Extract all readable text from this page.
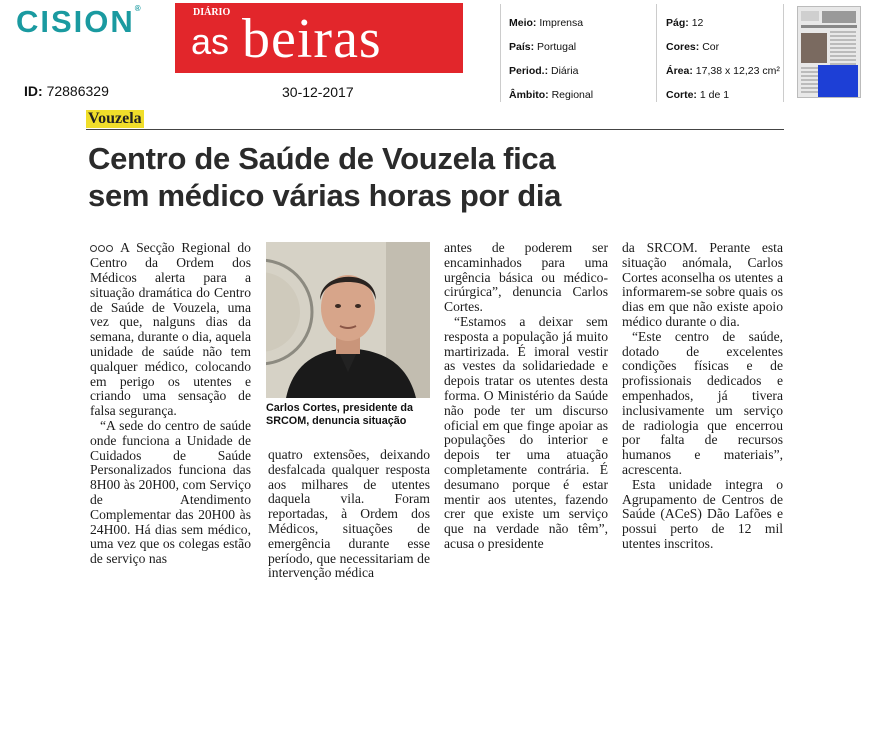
CISION®	DIÁRIO
as beiras
ID: 72886329	30-12-2017
Meio: Imprensa
País: Portugal
Period.: Diária
Âmbito: Regional
Pág: 12
Cores: Cor
Área: 17,38 x 12,23 cm²
Corte: 1 de 1
Vouzela
Centro de Saúde de Vouzela fica
sem médico várias horas por dia

A Secção Regional do Centro da Ordem dos Médicos alerta para a situação dramática do Centro de Saúde de Vouzela, uma vez que, nalguns dias da semana, durante o dia, aquela unidade de saúde não tem qualquer médico, colocando em perigo os utentes e criando uma sensação de falsa segurança.

“A sede do centro de saúde onde funciona a Unidade de Cuidados de Saúde Personalizados funciona das 8H00 às 20H00, com Serviço de Atendimento Complementar das 20H00 às 24H00. Há dias sem médico, uma vez que os colegas estão de serviço nas

Carlos Cortes, presidente da SRCOM, denuncia situação

quatro extensões, deixando desfalcada qualquer resposta aos milhares de utentes daquela vila. Foram reportadas, à Ordem dos Médicos, situações de emergência durante esse período, que necessitariam de intervenção médica

antes de poderem ser encaminhados para uma urgência básica ou médico-cirúrgica”, denuncia Carlos Cortes.

“Estamos a deixar sem resposta a população já muito martirizada. É imoral vestir as vestes da solidariedade e depois tratar os utentes desta forma. O Ministério da Saúde não pode ter um discurso oficial em que finge apoiar as populações do interior e depois ter uma atuação completamente contrária. É desumano porque é estar mentir aos utentes, fazendo crer que existe um serviço que na verdade não têm”, acusa o presidente

da SRCOM. Perante esta situação anómala, Carlos Cortes aconselha os utentes a informarem-se sobre quais os dias em que não existe apoio médico durante o dia.

“Este centro de saúde, dotado de excelentes condições físicas e de profissionais dedicados e empenhados, já tivera inclusivamente um serviço de radiologia que encerrou por falta de recursos humanos e materiais”, acrescenta.

Esta unidade integra o Agrupamento de Centros de Saúde (ACeS) Dão Lafões e possui perto de 12 mil utentes inscritos.
